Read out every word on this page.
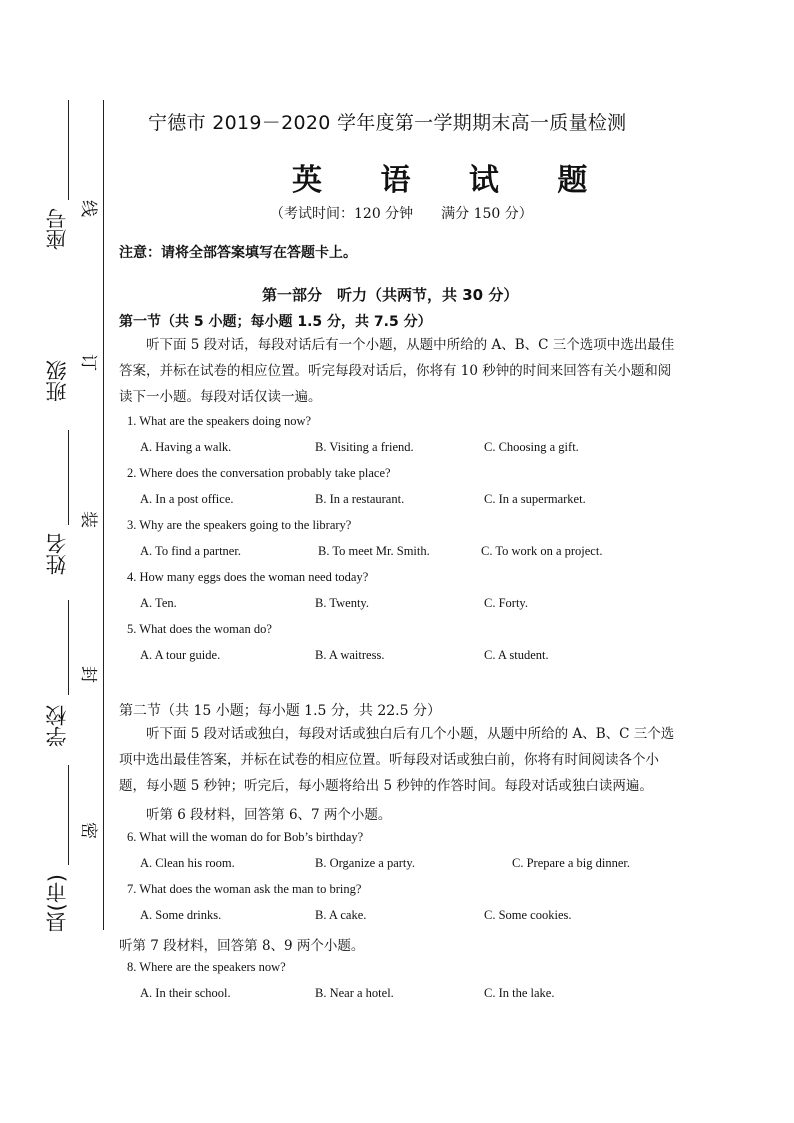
座号
班级
姓名
学校
县(市)
线
订
装
封
密
宁德市 2019－2020 学年度第一学期期末高一质量检测
英 语 试 题
（考试时间：120 分钟　　满分 150 分）
注意：请将全部答案填写在答题卡上。
第一部分　听力（共两节，共 30 分）
第一节（共 5 小题；每小题 1.5 分，共 7.5 分）
听下面 5 段对话，每段对话后有一个小题，从题中所给的 A、B、C 三个选项中选出最佳答案，并标在试卷的相应位置。听完每段对话后，你将有 10 秒钟的时间来回答有关小题和阅读下一小题。每段对话仅读一遍。
1. What are the speakers doing now?
A. Having a walk.	B. Visiting a friend.	C. Choosing a gift.
2. Where does the conversation probably take place?
A. In a post office.	B. In a restaurant.	C. In a supermarket.
3. Why are the speakers going to the library?
A. To find a partner.	B. To meet Mr. Smith.	C. To work on a project.
4. How many eggs does the woman need today?
A. Ten.	B. Twenty.	C. Forty.
5. What does the woman do?
A. A tour guide.	B. A waitress.	C. A student.
第二节（共 15 小题；每小题 1.5 分，共 22.5 分）
听下面 5 段对话或独白，每段对话或独白后有几个小题，从题中所给的 A、B、C 三个选项中选出最佳答案，并标在试卷的相应位置。听每段对话或独白前，你将有时间阅读各个小题，每小题 5 秒钟；听完后，每小题将给出 5 秒钟的作答时间。每段对话或独白读两遍。
听第 6 段材料，回答第 6、7 两个小题。
6. What will the woman do for Bob’s birthday?
A. Clean his room.	B. Organize a party.	C. Prepare a big dinner.
7. What does the woman ask the man to bring?
A. Some drinks.	B. A cake.	C. Some cookies.
听第 7 段材料，回答第 8、9 两个小题。
8. Where are the speakers now?
A. In their school.	B. Near a hotel.	C. In the lake.
